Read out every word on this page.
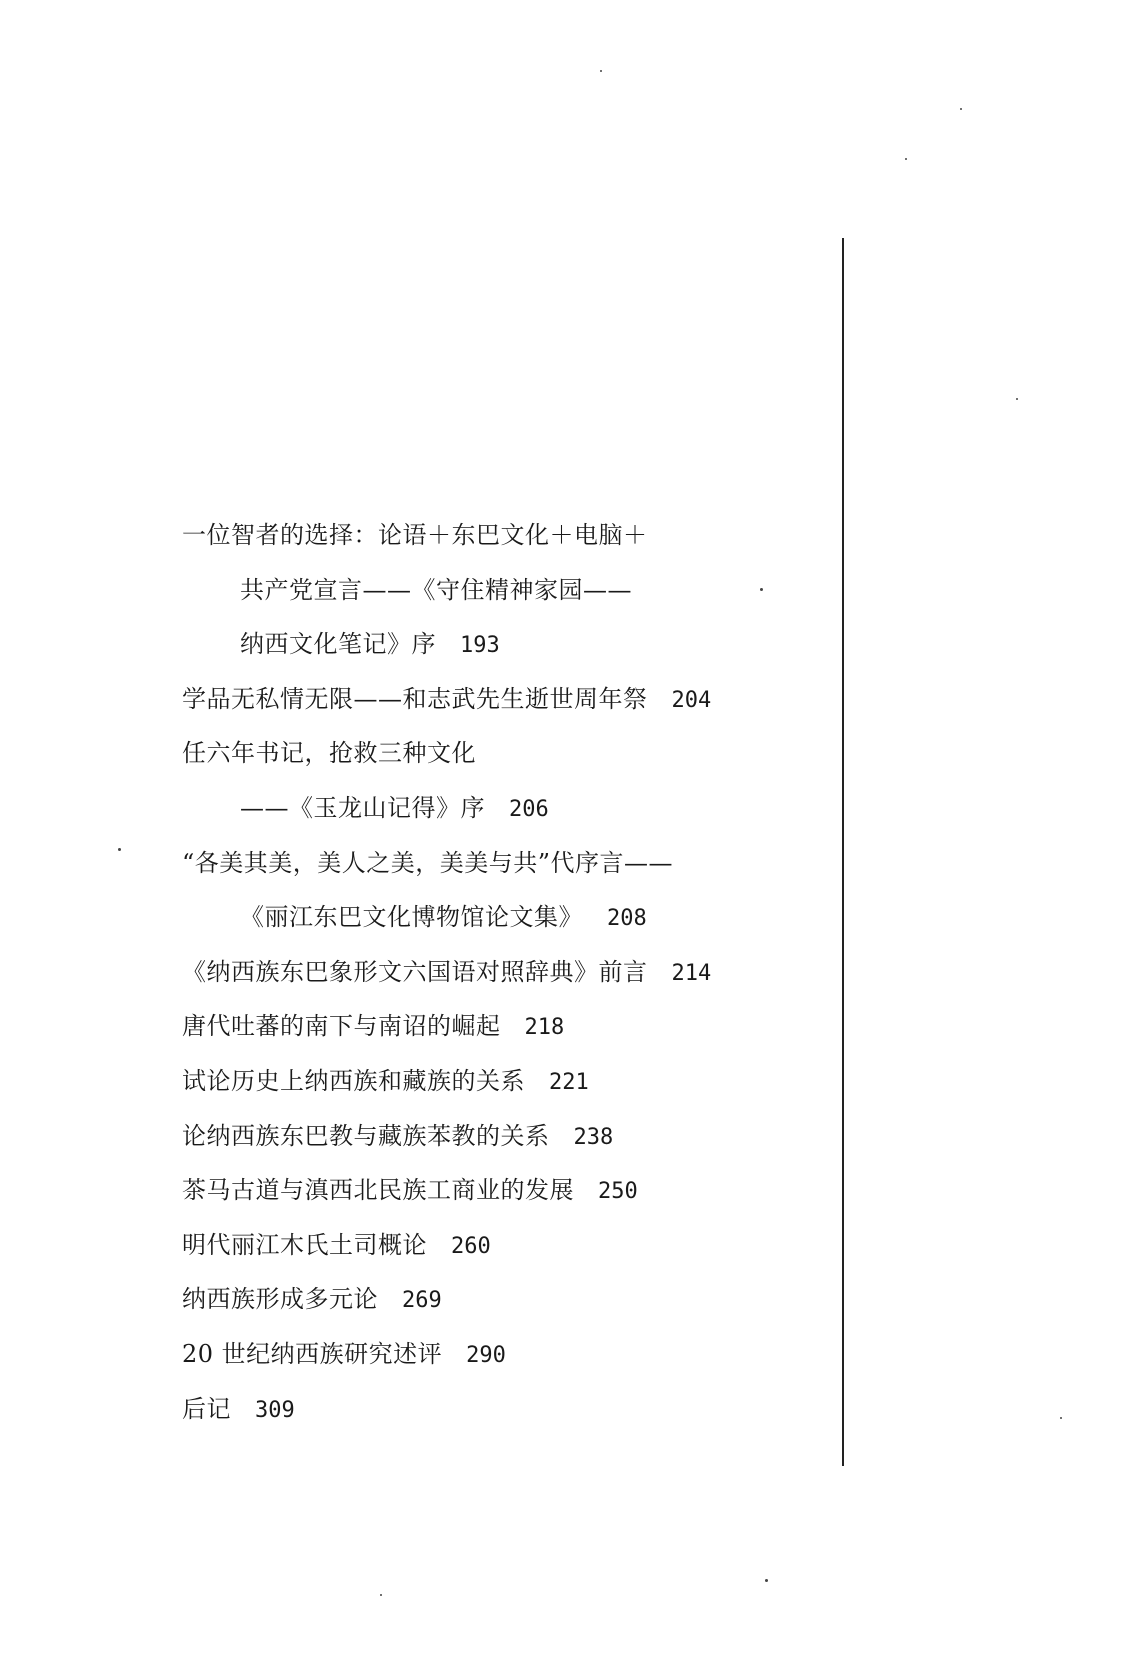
一位智者的选择：论语＋东巴文化＋电脑＋
共产党宣言——《守住精神家园——
纳西文化笔记》序 193
学品无私情无限——和志武先生逝世周年祭 204
任六年书记，抢救三种文化
——《玉龙山记得》序 206
“各美其美，美人之美，美美与共”代序言——
《丽江东巴文化博物馆论文集》 208
《纳西族东巴象形文六国语对照辞典》前言 214
唐代吐蕃的南下与南诏的崛起 218
试论历史上纳西族和藏族的关系 221
论纳西族东巴教与藏族苯教的关系 238
茶马古道与滇西北民族工商业的发展 250
明代丽江木氏土司概论 260
纳西族形成多元论 269
20 世纪纳西族研究述评 290
后记 309
